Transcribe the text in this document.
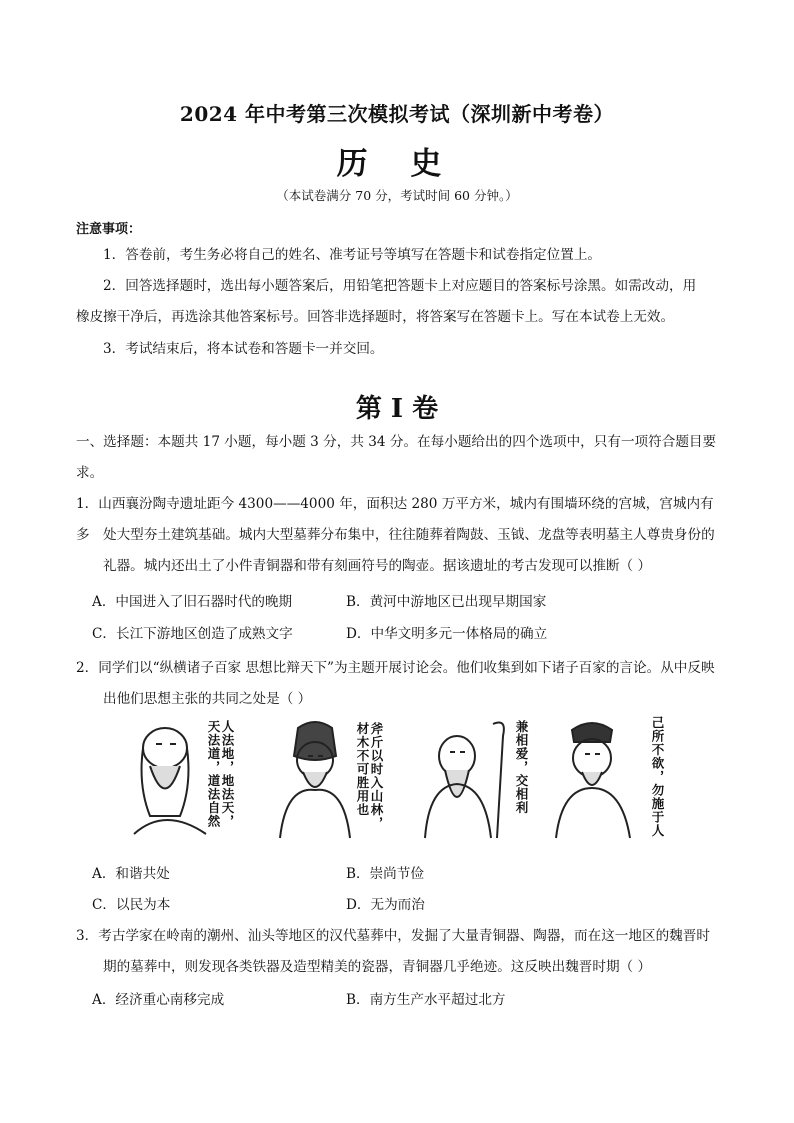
2024 年中考第三次模拟考试（深圳新中考卷）
历 史
（本试卷满分 70 分，考试时间 60 分钟。）
注意事项：
1．答卷前，考生务必将自己的姓名、准考证号等填写在答题卡和试卷指定位置上。
2．回答选择题时，选出每小题答案后，用铅笔把答题卡上对应题目的答案标号涂黑。如需改动，用
橡皮擦干净后，再选涂其他答案标号。回答非选择题时，将答案写在答题卡上。写在本试卷上无效。
3．考试结束后，将本试卷和答题卡一并交回。
第 I 卷
一、选择题：本题共 17 小题，每小题 3 分，共 34 分。在每小题给出的四个选项中，只有一项符合题目要
求。
1．山西襄汾陶寺遗址距今 4300——4000 年，面积达 280 万平方米，城内有围墙环绕的宫城，宫城内有多 处大型夯土建筑基础。城内大型墓葬分布集中，往往随葬着陶鼓、玉钺、龙盘等表明墓主人尊贵身份的
礼器。城内还出土了小件青铜器和带有刻画符号的陶壶。据该遗址的考古发现可以推断（ ）
A．中国进入了旧石器时代的晚期	B．黄河中游地区已出现早期国家
C．长江下游地区创造了成熟文字	D．中华文明多元一体格局的确立
2．同学们以“纵横诸子百家 思想比辩天下”为主题开展讨论会。他们收集到如下诸子百家的言论。从中反映
出他们思想主张的共同之处是（ ）
人法地，地法天，天法道，道法自然	斧斤以时入山林，材木不可胜用也	兼相爱，交相利	己所不欲，勿施于人
A．和谐共处	B．崇尚节俭
C．以民为本	D．无为而治
3．考古学家在岭南的潮州、汕头等地区的汉代墓葬中，发掘了大量青铜器、陶器，而在这一地区的魏晋时
期的墓葬中，则发现各类铁器及造型精美的瓷器，青铜器几乎绝迹。这反映出魏晋时期（ ）
A．经济重心南移完成	B．南方生产水平超过北方
